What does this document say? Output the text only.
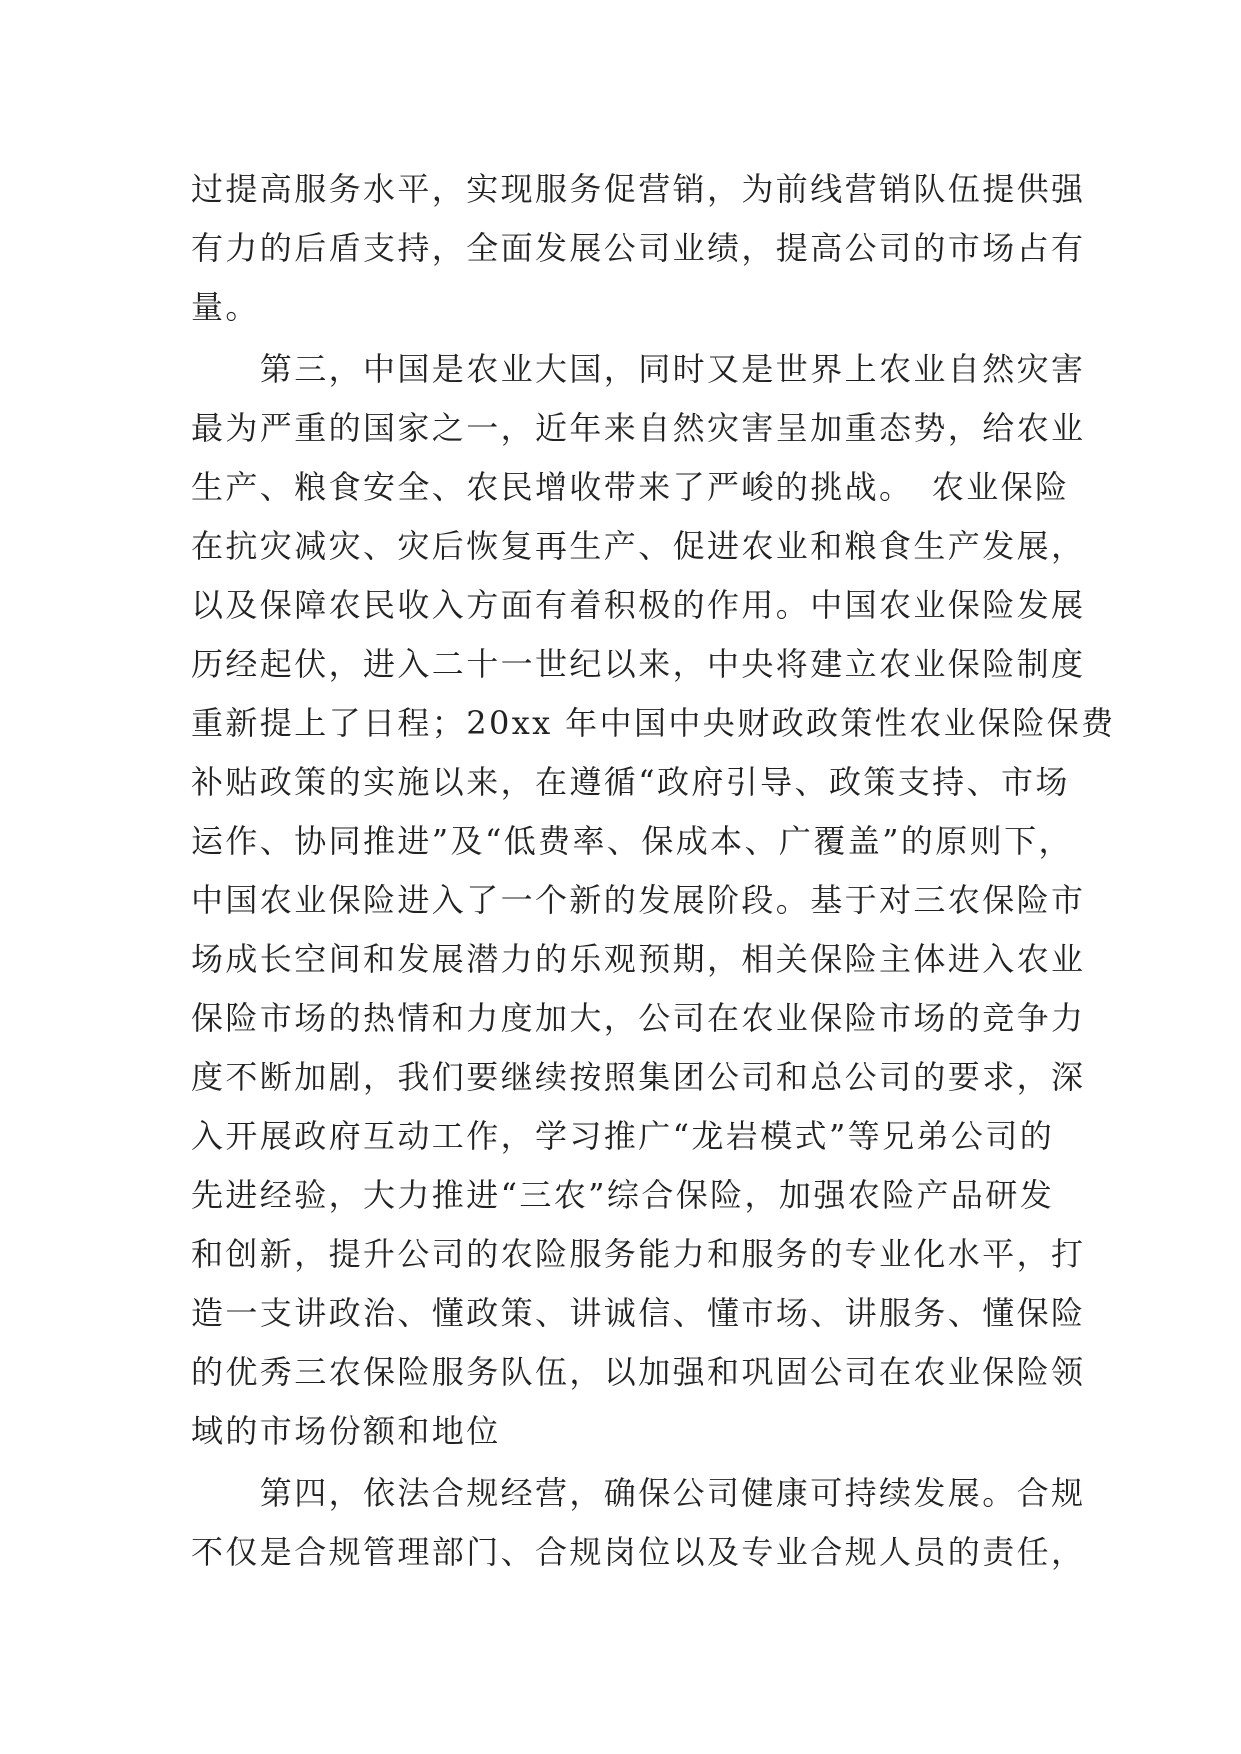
过提高服务水平，实现服务促营销，为前线营销队伍提供强
有力的后盾支持，全面发展公司业绩，提高公司的市场占有
量。
　　第三，中国是农业大国，同时又是世界上农业自然灾害
最为严重的国家之一，近年来自然灾害呈加重态势，给农业
生产、粮食安全、农民增收带来了严峻的挑战。　农业保险
在抗灾减灾、灾后恢复再生产、促进农业和粮食生产发展，
以及保障农民收入方面有着积极的作用。中国农业保险发展
历经起伏，进入二十一世纪以来，中央将建立农业保险制度
重新提上了日程；20xx 年中国中央财政政策性农业保险保费
补贴政策的实施以来，在遵循“政府引导、政策支持、市场
运作、协同推进”及“低费率、保成本、广覆盖”的原则下，
中国农业保险进入了一个新的发展阶段。基于对三农保险市
场成长空间和发展潜力的乐观预期，相关保险主体进入农业
保险市场的热情和力度加大，公司在农业保险市场的竞争力
度不断加剧，我们要继续按照集团公司和总公司的要求，深
入开展政府互动工作，学习推广“龙岩模式”等兄弟公司的
先进经验，大力推进“三农”综合保险，加强农险产品研发
和创新，提升公司的农险服务能力和服务的专业化水平，打
造一支讲政治、懂政策、讲诚信、懂市场、讲服务、懂保险
的优秀三农保险服务队伍，以加强和巩固公司在农业保险领
域的市场份额和地位
　　第四，依法合规经营，确保公司健康可持续发展。合规
不仅是合规管理部门、合规岗位以及专业合规人员的责任，
